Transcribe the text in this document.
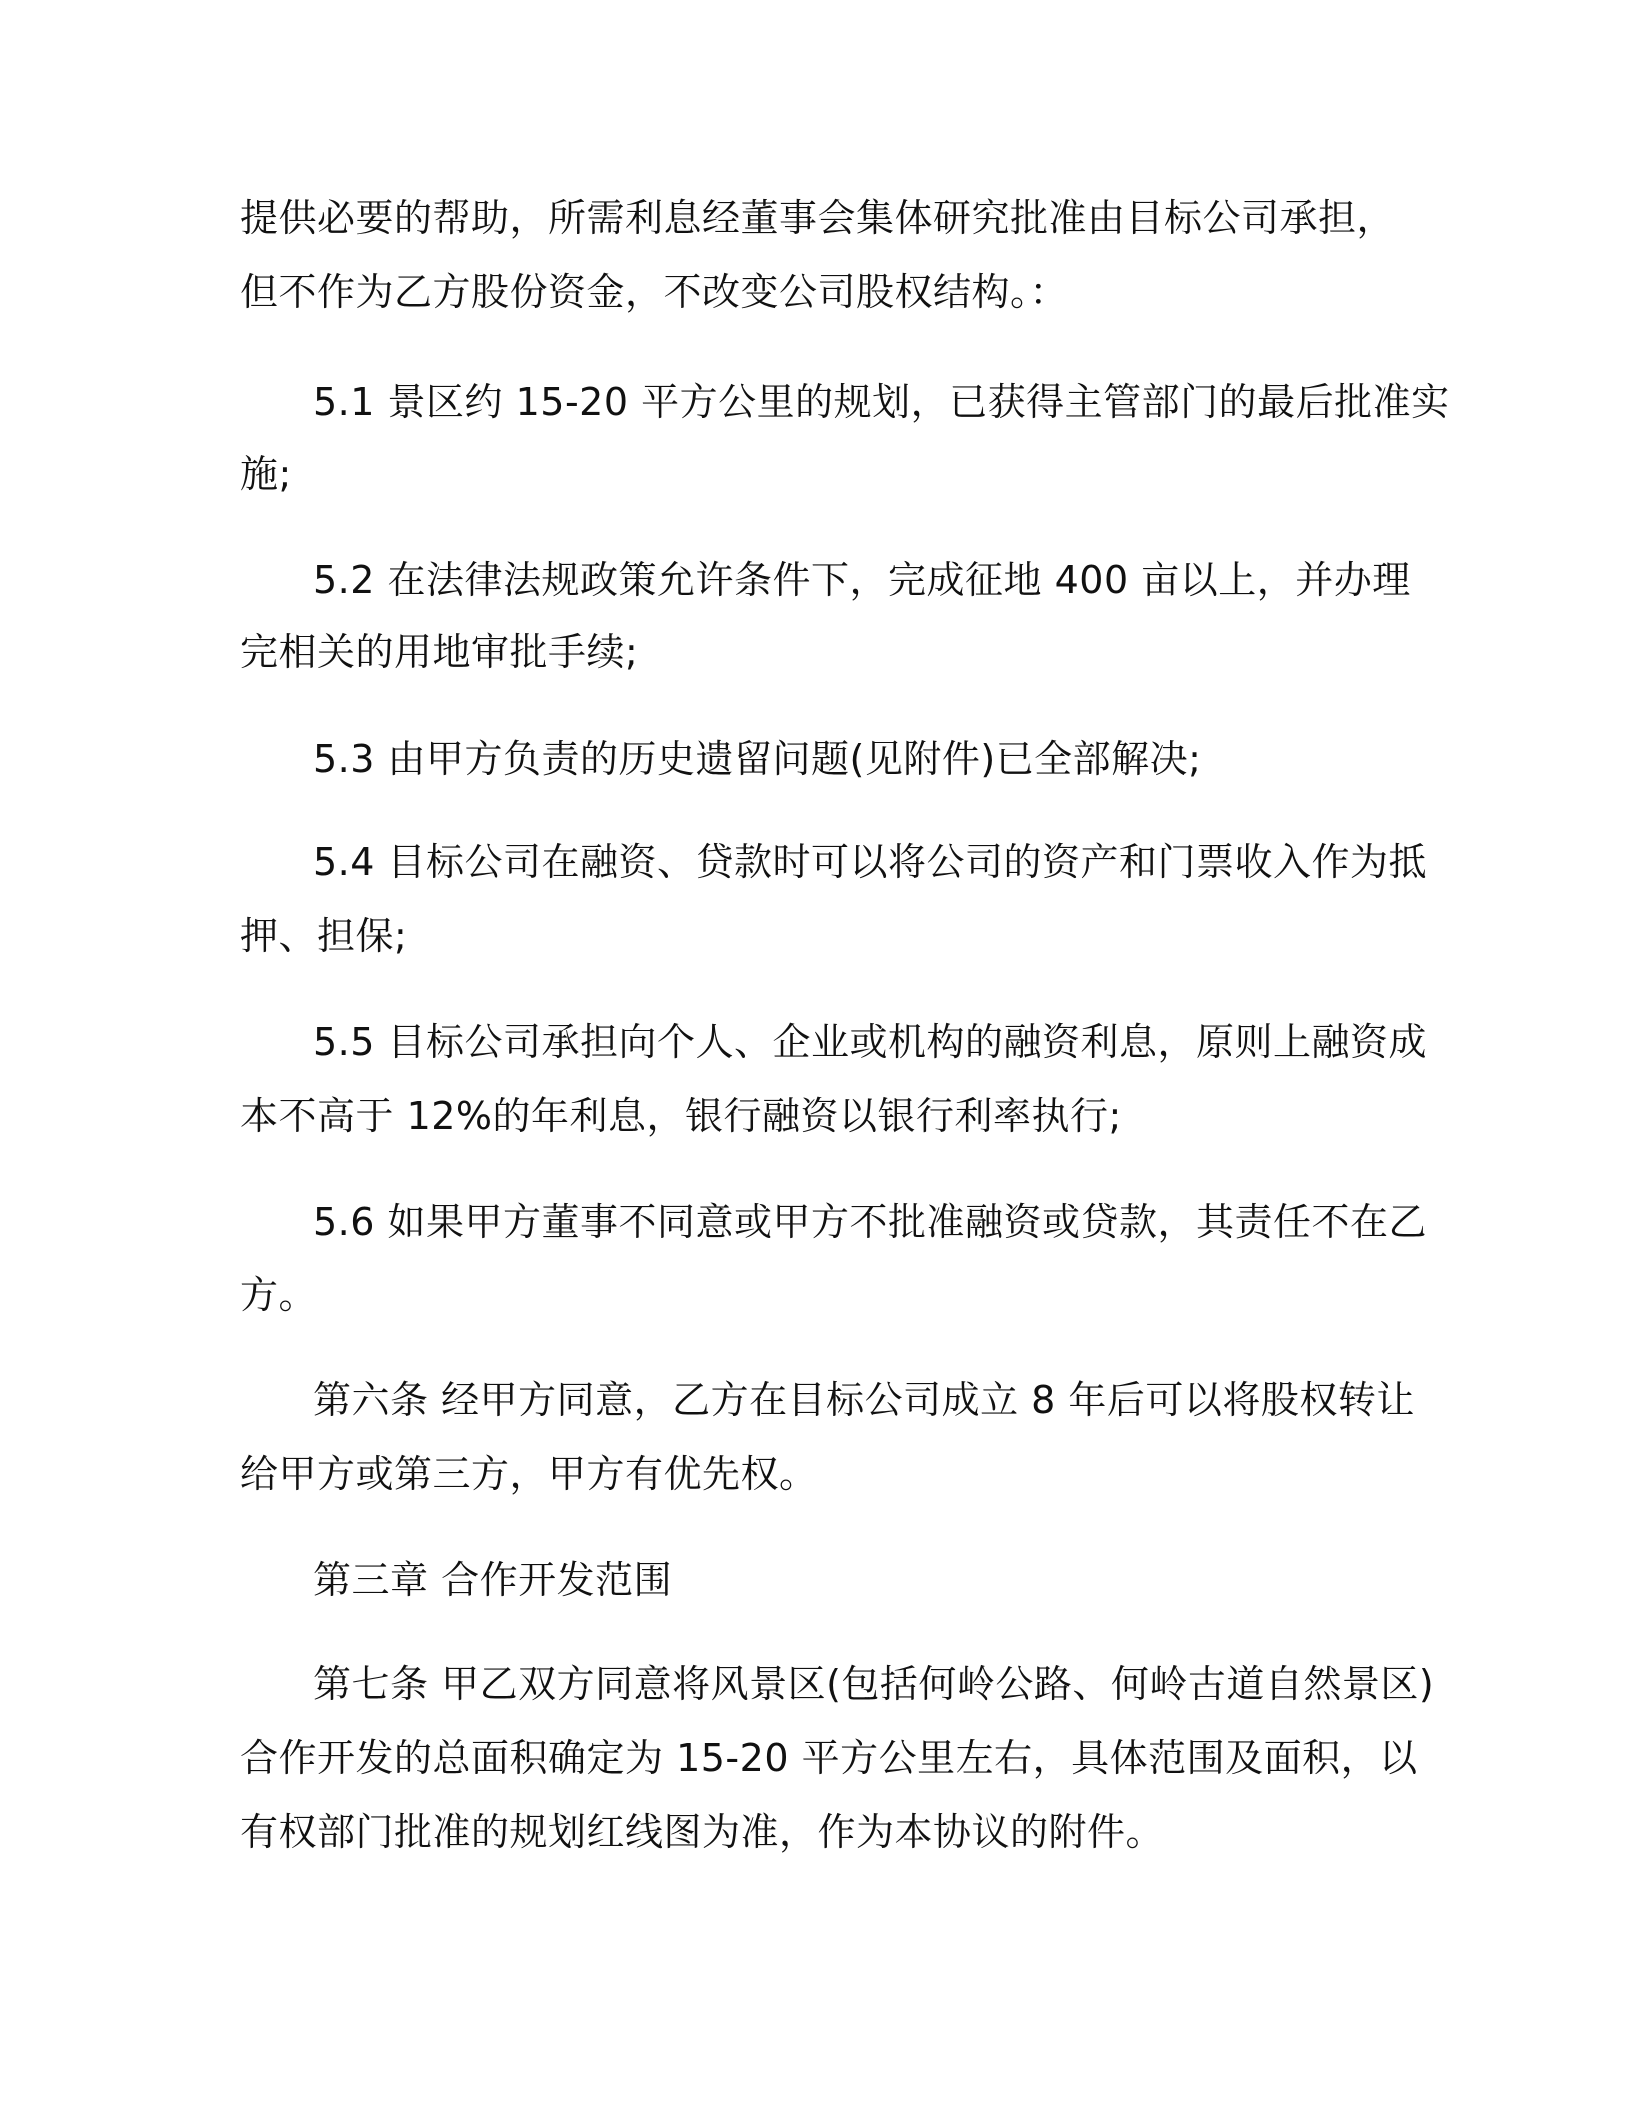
提供必要的帮助，所需利息经董事会集体研究批准由目标公司承担，
但不作为乙方股份资金，不改变公司股权结构。：
5.1 景区约 15-20 平方公里的规划，已获得主管部门的最后批准实
施;
5.2 在法律法规政策允许条件下，完成征地 400 亩以上，并办理
完相关的用地审批手续;
5.3 由甲方负责的历史遗留问题(见附件)已全部解决;
5.4 目标公司在融资、贷款时可以将公司的资产和门票收入作为抵
押、担保;
5.5 目标公司承担向个人、企业或机构的融资利息，原则上融资成
本不高于 12%的年利息，银行融资以银行利率执行;
5.6 如果甲方董事不同意或甲方不批准融资或贷款，其责任不在乙
方。
第六条 经甲方同意，乙方在目标公司成立 8 年后可以将股权转让
给甲方或第三方，甲方有优先权。
第三章 合作开发范围
第七条 甲乙双方同意将风景区(包括何岭公路、何岭古道自然景区)
合作开发的总面积确定为 15-20 平方公里左右，具体范围及面积，以
有权部门批准的规划红线图为准，作为本协议的附件。
